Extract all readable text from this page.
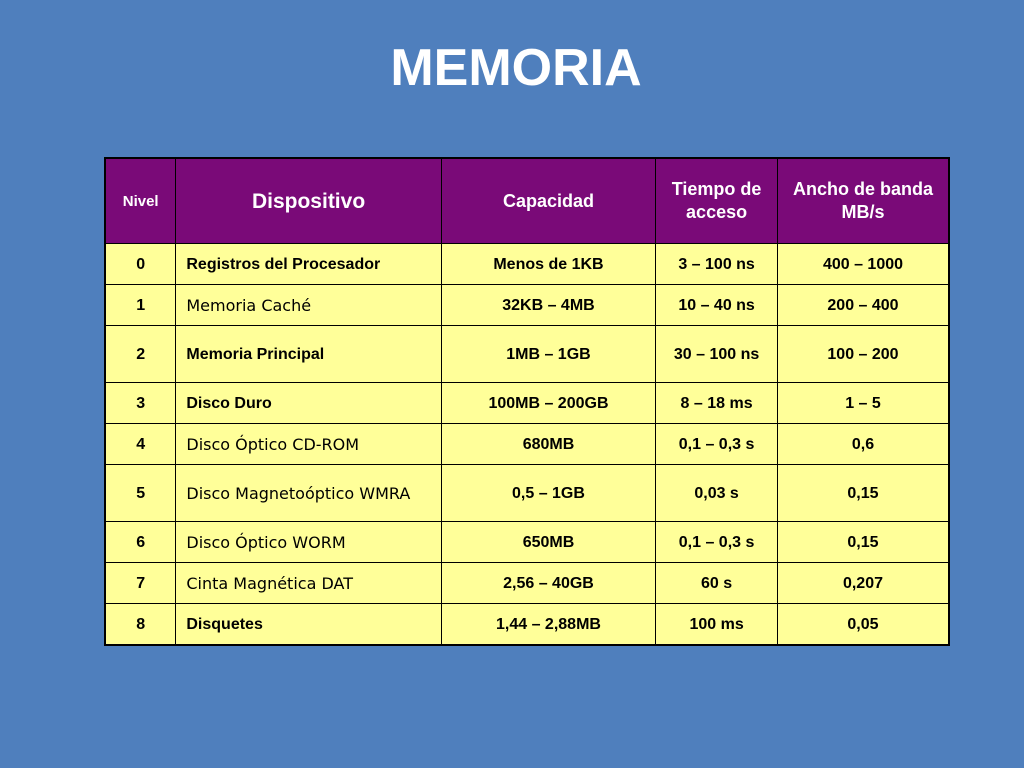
MEMORIA
Nivel	Dispositivo	Capacidad	Tiempo de acceso	Ancho de banda MB/s
0	Registros del Procesador	Menos de 1KB	3 – 100 ns	400 – 1000
1	Memoria Caché	32KB – 4MB	10 – 40 ns	200 – 400
2	Memoria Principal	1MB – 1GB	30 – 100 ns	100 – 200
3	Disco Duro	100MB – 200GB	8 – 18 ms	1 – 5
4	Disco Óptico CD-ROM	680MB	0,1 – 0,3 s	0,6
5	Disco Magnetoóptico WMRA	0,5 – 1GB	0,03 s	0,15
6	Disco Óptico WORM	650MB	0,1 – 0,3 s	0,15
7	Cinta Magnética DAT	2,56 – 40GB	60 s	0,207
8	Disquetes	1,44 – 2,88MB	100 ms	0,05
